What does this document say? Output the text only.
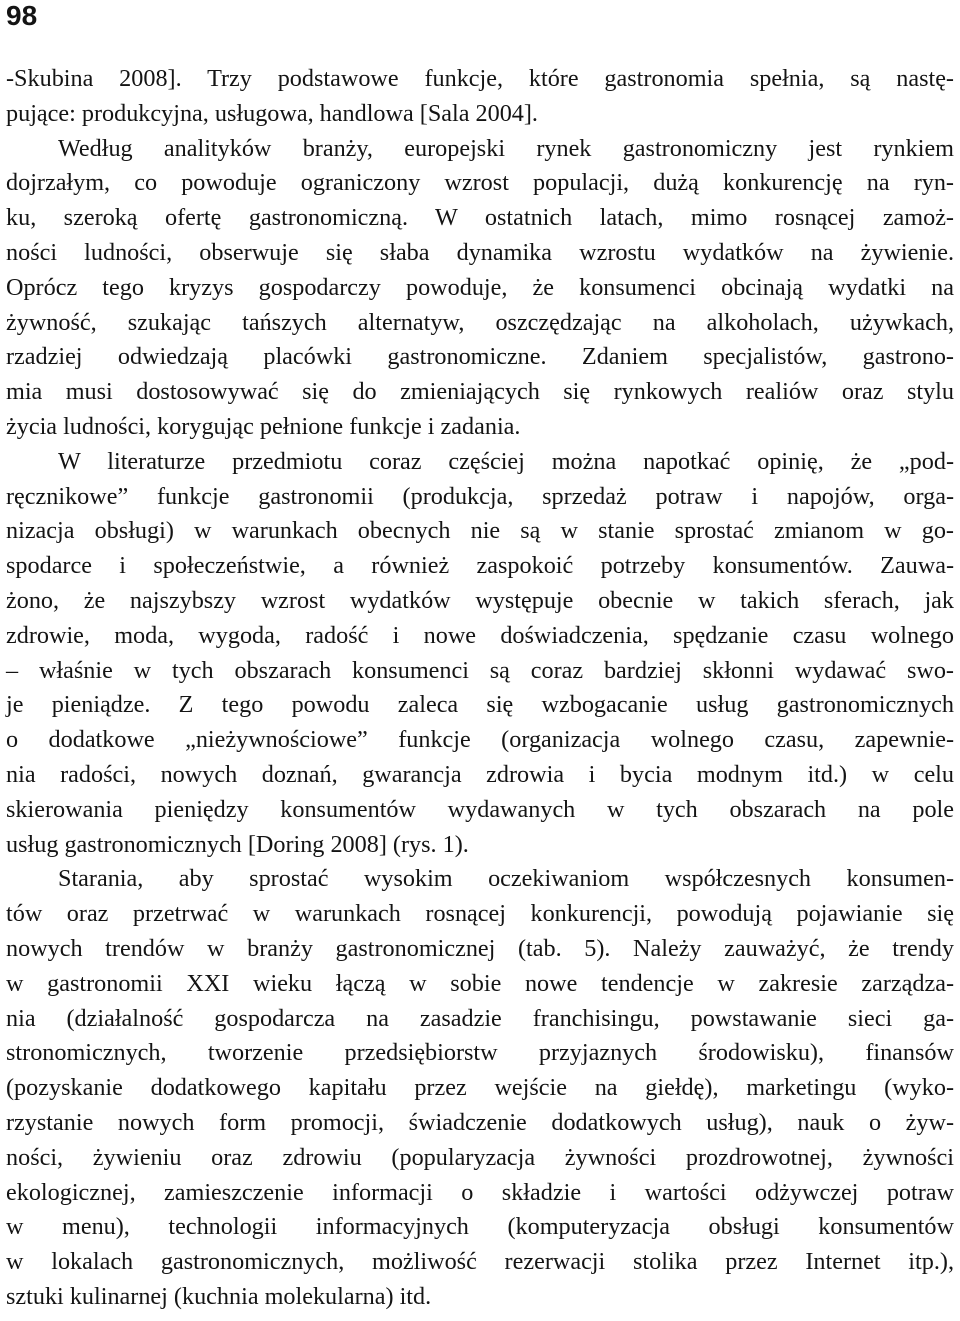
98
-Skubina 2008]. Trzy podstawowe funkcje, które gastronomia spełnia, są nastę-
pujące: produkcyjna, usługowa, handlowa [Sala 2004].
Według analityków branży, europejski rynek gastronomiczny jest rynkiem
dojrzałym, co powoduje ograniczony wzrost populacji, dużą konkurencję na ryn-
ku, szeroką ofertę gastronomiczną. W ostatnich latach, mimo rosnącej zamoż-
ności ludności, obserwuje się słaba dynamika wzrostu wydatków na żywienie.
Oprócz tego kryzys gospodarczy powoduje, że konsumenci obcinają wydatki na
żywność, szukając tańszych alternatyw, oszczędzając na alkoholach, używkach,
rzadziej odwiedzają placówki gastronomiczne. Zdaniem specjalistów, gastrono-
mia musi dostosowywać się do zmieniających się rynkowych realiów oraz stylu
życia ludności, korygując pełnione funkcje i zadania.
W literaturze przedmiotu coraz częściej można napotkać opinię, że „pod-
ręcznikowe” funkcje gastronomii (produkcja, sprzedaż potraw i napojów, orga-
nizacja obsługi) w warunkach obecnych nie są w stanie sprostać zmianom w go-
spodarce i społeczeństwie, a również zaspokoić potrzeby konsumentów. Zauwa-
żono, że najszybszy wzrost wydatków występuje obecnie w takich sferach, jak
zdrowie, moda, wygoda, radość i nowe doświadczenia, spędzanie czasu wolnego
– właśnie w tych obszarach konsumenci są coraz bardziej skłonni wydawać swo-
je pieniądze. Z tego powodu zaleca się wzbogacanie usług gastronomicznych
o dodatkowe „nieżywnościowe” funkcje (organizacja wolnego czasu, zapewnie-
nia radości, nowych doznań, gwarancja zdrowia i bycia modnym itd.) w celu
skierowania pieniędzy konsumentów wydawanych w tych obszarach na pole
usług gastronomicznych [Doring 2008] (rys. 1).
Starania, aby sprostać wysokim oczekiwaniom współczesnych konsumen-
tów oraz przetrwać w warunkach rosnącej konkurencji, powodują pojawianie się
nowych trendów w branży gastronomicznej (tab. 5). Należy zauważyć, że trendy
w gastronomii XXI wieku łączą w sobie nowe tendencje w zakresie zarządza-
nia (działalność gospodarcza na zasadzie franchisingu, powstawanie sieci ga-
stronomicznych, tworzenie przedsiębiorstw przyjaznych środowisku), finansów
(pozyskanie dodatkowego kapitału przez wejście na giełdę), marketingu (wyko-
rzystanie nowych form promocji, świadczenie dodatkowych usług), nauk o żyw-
ności, żywieniu oraz zdrowiu (popularyzacja żywności prozdrowotnej, żywności
ekologicznej, zamieszczenie informacji o składzie i wartości odżywczej potraw
w menu), technologii informacyjnych (komputeryzacja obsługi konsumentów
w lokalach gastronomicznych, możliwość rezerwacji stolika przez Internet itp.),
sztuki kulinarnej (kuchnia molekularna) itd.
